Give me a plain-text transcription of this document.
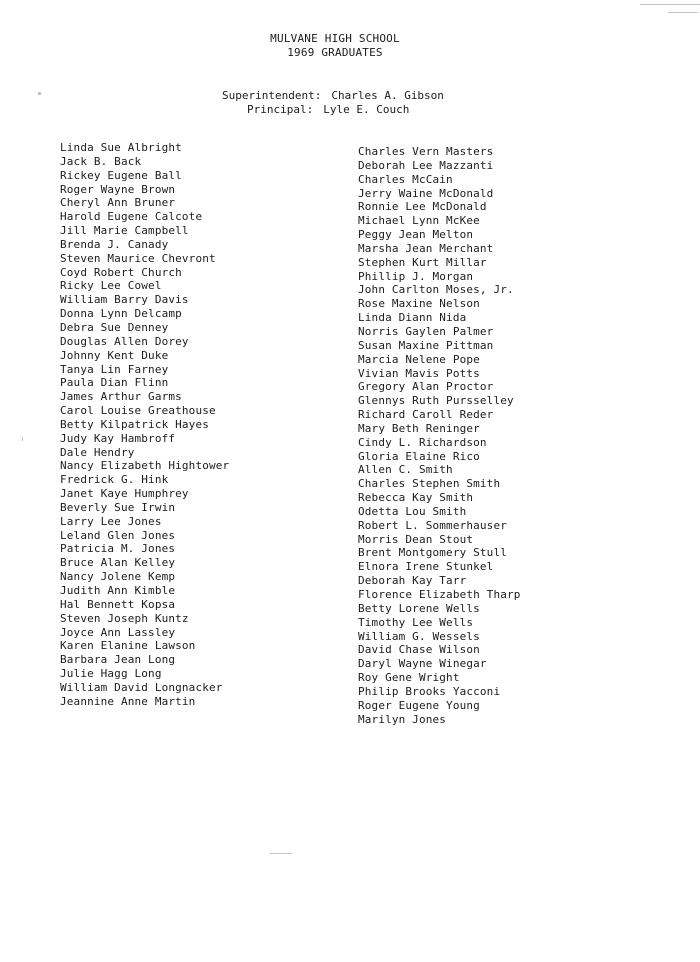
MULVANE HIGH SCHOOL
1969 GRADUATES
Superintendent: Charles A. Gibson
Principal: Lyle E. Couch
Linda Sue Albright
Jack B. Back
Rickey Eugene Ball
Roger Wayne Brown
Cheryl Ann Bruner
Harold Eugene Calcote
Jill Marie Campbell
Brenda J. Canady
Steven Maurice Chevront
Coyd Robert Church
Ricky Lee Cowel
William Barry Davis
Donna Lynn Delcamp
Debra Sue Denney
Douglas Allen Dorey
Johnny Kent Duke
Tanya Lin Farney
Paula Dian Flinn
James Arthur Garms
Carol Louise Greathouse
Betty Kilpatrick Hayes
Judy Kay Hambroff
Dale Hendry
Nancy Elizabeth Hightower
Fredrick G. Hink
Janet Kaye Humphrey
Beverly Sue Irwin
Larry Lee Jones
Leland Glen Jones
Patricia M. Jones
Bruce Alan Kelley
Nancy Jolene Kemp
Judith Ann Kimble
Hal Bennett Kopsa
Steven Joseph Kuntz
Joyce Ann Lassley
Karen Elanine Lawson
Barbara Jean Long
Julie Hagg Long
William David Longnacker
Jeannine Anne Martin
Charles Vern Masters
Deborah Lee Mazzanti
Charles McCain
Jerry Waine McDonald
Ronnie Lee McDonald
Michael Lynn McKee
Peggy Jean Melton
Marsha Jean Merchant
Stephen Kurt Millar
Phillip J. Morgan
John Carlton Moses, Jr.
Rose Maxine Nelson
Linda Diann Nida
Norris Gaylen Palmer
Susan Maxine Pittman
Marcia Nelene Pope
Vivian Mavis Potts
Gregory Alan Proctor
Glennys Ruth Pursselley
Richard Caroll Reder
Mary Beth Reninger
Cindy L. Richardson
Gloria Elaine Rico
Allen C. Smith
Charles Stephen Smith
Rebecca Kay Smith
Odetta Lou Smith
Robert L. Sommerhauser
Morris Dean Stout
Brent Montgomery Stull
Elnora Irene Stunkel
Deborah Kay Tarr
Florence Elizabeth Tharp
Betty Lorene Wells
Timothy Lee Wells
William G. Wessels
David Chase Wilson
Daryl Wayne Winegar
Roy Gene Wright
Philip Brooks Yacconi
Roger Eugene Young
Marilyn Jones
